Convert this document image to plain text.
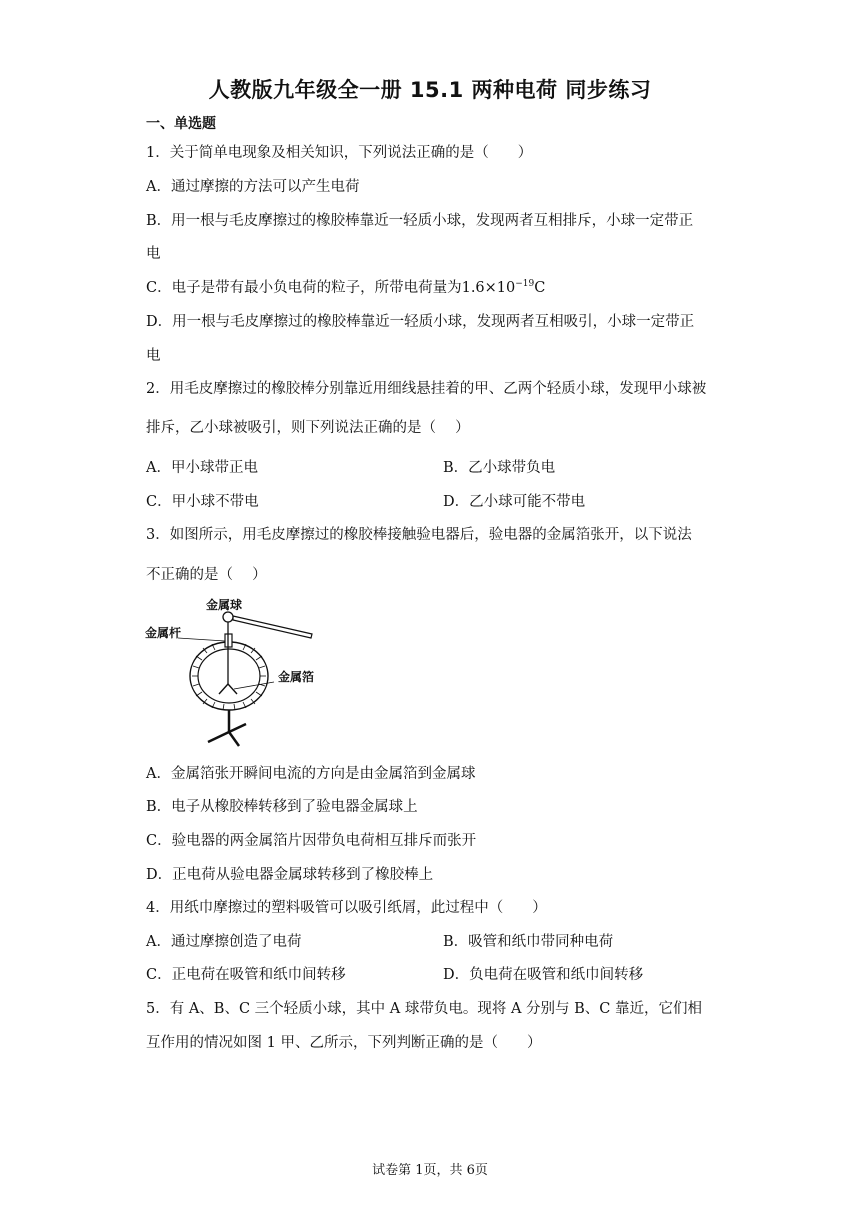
人教版九年级全一册 15.1 两种电荷 同步练习
一、单选题
1．关于简单电现象及相关知识，下列说法正确的是（　　）
A．通过摩擦的方法可以产生电荷
B．用一根与毛皮摩擦过的橡胶棒靠近一轻质小球，发现两者互相排斥，小球一定带正
电
C．电子是带有最小负电荷的粒子，所带电荷量为$1.6\times 10^{-19}C$
D．用一根与毛皮摩擦过的橡胶棒靠近一轻质小球，发现两者互相吸引，小球一定带正
电
2．用毛皮摩擦过的橡胶棒分别靠近用细线悬挂着的甲、乙两个轻质小球，发现甲小球被
排斥，乙小球被吸引，则下列说法正确的是（　 ）
A．甲小球带正电	B．乙小球带负电
C．甲小球不带电	D．乙小球可能不带电
3．如图所示，用毛皮摩擦过的橡胶棒接触验电器后，验电器的金属箔张开，以下说法
不正确的是（　 ）
金属球
金属杆
金属箔
A．金属箔张开瞬间电流的方向是由金属箔到金属球
B．电子从橡胶棒转移到了验电器金属球上
C．验电器的两金属箔片因带负电荷相互排斥而张开
D．正电荷从验电器金属球转移到了橡胶棒上
4．用纸巾摩擦过的塑料吸管可以吸引纸屑，此过程中（　　）
A．通过摩擦创造了电荷	B．吸管和纸巾带同种电荷
C．正电荷在吸管和纸巾间转移	D．负电荷在吸管和纸巾间转移
5．有 A、B、C 三个轻质小球，其中 A 球带负电。现将 A 分别与 B、C 靠近，它们相
互作用的情况如图 1 甲、乙所示，下列判断正确的是（　　）
试卷第 1页，共 6页
